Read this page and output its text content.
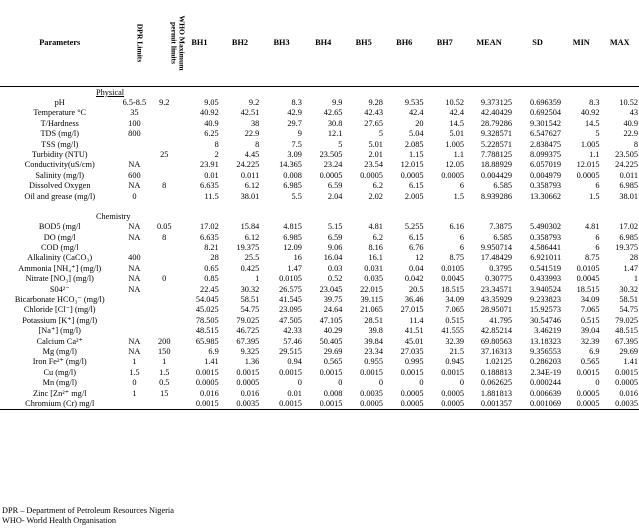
Parameters	DPR Limits	WHO Maximum
permit limits	BH1	BH2	BH3	BH4	BH5	BH6	BH7	MEAN	SD	MIN	MAX
Physical													
pH	6.5-8.5	9.2	9.05	9.2	8.3	9.9	9.28	9.535	10.52	9.373125	0.696359	8.3	10.52
Temperature °C	35		40.92	42.51	42.9	42.65	42.43	42.4	42.4	42.40429	0.692504	40.92	43
T/Hardness	100		40.9	38	29.7	30.8	27.65	20	14.5	28.79286	9.301542	14.5	40.9
TDS (mg/l)	800		6.25	22.9	9	12.1	5	5.04	5.01	9.328571	6.547627	5	22.9
TSS (mg/l)			8	8	7.5	5	5.01	2.085	1.005	5.228571	2.838475	1.005	8
Turbidity (NTU)		25	2	4.45	3.09	23.505	2.01	1.15	1.1	7.788125	8.099375	1.1	23.505
Conductivity(uS/cm)	NA		23.91	24.225	14.365	23.24	23.54	12.015	12.05	18.88929	6.057019	12.015	24.225
Salinity (mg/l)	600		0.01	0.011	0.008	0.0005	0.0005	0.0005	0.0005	0.004429	0.004979	0.0005	0.011
Dissolved Oxygen	NA	8	6.635	6.12	6.985	6.59	6.2	6.15	6	6.585	0.358793	6	6.985
Oil and grease (mg/l)	0		11.5	38.01	5.5	2.04	2.02	2.005	1.5	8.939286	13.30662	1.5	38.01

Chemistry													
BOD5 (mg/l	NA	0.05	17.02	15.84	4.815	5.15	4.81	5.255	6.16	7.3875	5.490302	4.81	17.02
DO (mg/l	NA	8	6.635	6.12	6.985	6.59	6.2	6.15	6	6.585	0.358793	6	6.985
COD (mg/l			8.21	19.375	12.09	9.06	8.16	6.76	6	9.950714	4.586441	6	19.375
Alkalinity (CaCO₃)	400		28	25.5	16	16.04	16.1	12	8.75	17.48429	6.921011	8.75	28
Ammonia [NH₄⁺] (mg/l)	NA		0.65	0.425	1.47	0.03	0.031	0.04	0.0105	0.3795	0.541519	0.0105	1.47
Nitrate [NO₃] (mg/l)	NA	0	0.85	1	0.0105	0.52	0.035	0.042	0.0045	0.30775	0.433993	0.0045	1
S04²⁻	NA		22.45	30.32	26.575	23.045	22.015	20.5	18.515	23.34571	3.940524	18.515	30.32
Bicarbonate HCO₃⁻ (mg/l)			54.045	58.51	41.545	39.75	39.115	36.46	34.09	43.35929	9.233823	34.09	58.51
Chloride [Cl⁻] (mg/l)			45.025	54.75	23.095	24.64	21.065	27.015	7.065	28.95071	15.92573	7.065	54.75
Potassium [K⁺] (mg/l)			78.505	79.025	47.505	47.105	28.51	11.4	0.515	41.795	30.54746	0.515	79.025
[Na⁺] (mg/l)			48.515	46.725	42.33	40.29	39.8	41.51	41.555	42.85214	3.46219	39.04	48.515
Calcium Ca²⁺	NA	200	65.985	67.395	57.46	50.405	39.84	45.01	32.39	69.80563	13.18323	32.39	67.395
Mg (mg/l)	NA	150	6.9	9.325	29.515	29.69	23.34	27.035	21.5	37.16313	9.356553	6.9	29.69
Iron Fe²⁺ (mg/l)	1	1	1.41	1.36	0.94	0.565	0.955	0.995	0.945	1.02125	0.286203	0.565	1.41
Cu (mg/l)	1.5	1.5	0.0015	0.0015	0.0015	0.0015	0.0015	0.0015	0.0015	0.188813	2.34E-19	0.0015	0.0015
Mn (mg/l)	0	0.5	0.0005	0.0005	0	0	0	0	0	0.062625	0.000244	0	0.0005
Zinc [Zn²⁺ mg/l	1	15	0.016	0.016	0.01	0.008	0.0035	0.0005	0.0005	1.881813	0.006639	0.0005	0.016
Chromium (Cr) mg/l			0.0015	0.0035	0.0015	0.0015	0.0005	0.0005	0.0005	0.001357	0.001069	0.0005	0.0035
DPR – Department of Petroleum Resources Nigeria
WHO- World Health Organisation
